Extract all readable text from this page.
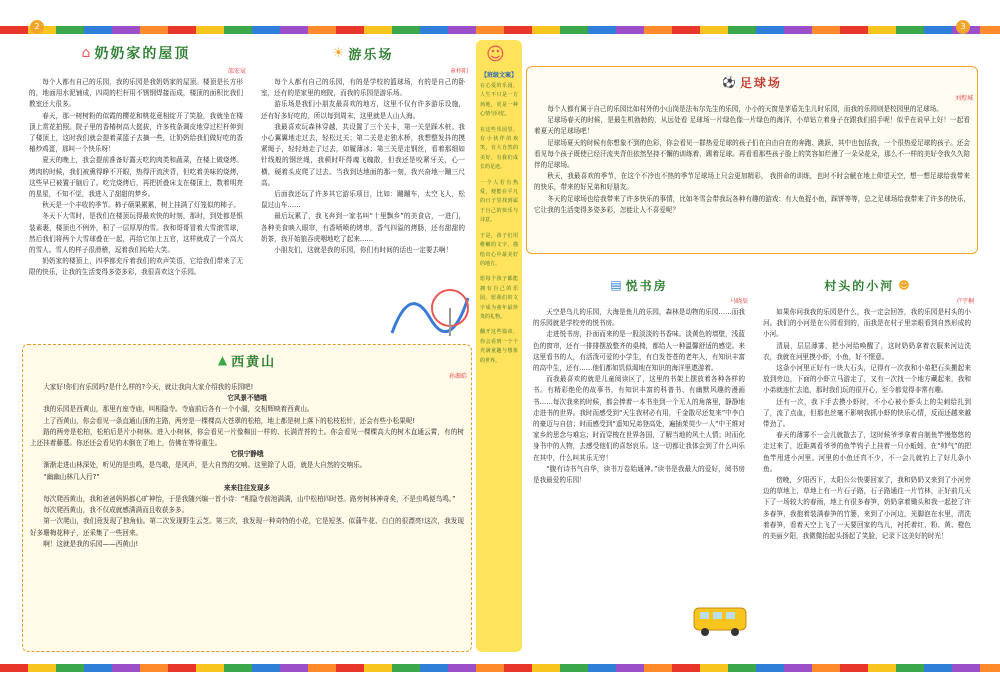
2	3
⌂ 奶奶家的屋顶
邵宏宸
每个人都有自己的乐园，我的乐园是我奶奶家的屋顶。楼顶是长方形的，地面用水泥铺成，四周的栏杆用不锈钢焊接而成，楼顶的面积比我们教室还大很多。
春天，那一树树粉的似霞的樱花和桃花竟相绽开了笑脸，我就坐在楼顶上赏花拍照。院子里的香椿树高大挺拔，许多枝条调皮地穿过栏杆伸到了楼顶上，这时我们就会提着菜篮子去摘一些，让奶奶给我们做好吃的香椿炒鸡蛋，那叫一个快乐呀！
夏天的晚上，我会提前准备好露天吃的肉类和蔬菜，在楼上做烧烤。烤肉的时候，我们被熏得睁不开眼，热得汗流浃背，但吃着美味的烧烤，这些早已被置于脑后了。吃完烧烤后，再把折叠床支在楼顶上，数着明亮的星星，不知不觉，我进入了甜甜的梦乡。
秋天是一个丰收的季节。柿子硕果累累，树上挂满了灯笼似的柿子。
冬天下大雪时，是我们在楼顶玩得最欢快的时刻，那时，到处都是银装素裹，楼顶也不例外，积了一层厚厚的雪。我和哥哥冒着大雪滚雪球，然后我们将两个大雪球叠在一起，再给它加上五官，这样就成了一个高大的雪人。雪人的样子很滑稽，逗着我们哈哈大笑。
奶奶家的楼顶上，四季都充斥着我们的欢声笑语，它给我们带来了无限的快乐，让我的生活变得多姿多彩，我很喜欢这个乐园。
☀ 游乐场
章梓阳
每个人都有自己的乐园，有的是学校的篮球场，有的是自己的卧室，还有的是家里的庭院，而我的乐园是游乐场。
游乐场是我们小朋友最喜欢的地方，这里不仅有许多游乐设施，还有好多好吃的，所以每到周末，这里就是人山人海。
我最喜欢玩森林穿越，共设置了三个关卡，第一关是踩木桩。我小心翼翼地走过去，轻松过关；第二关是走独木桥，我想整发抖的摸紧绳子，轻轻地走了过去，如履薄冰；第三关是走钢丝，看着那细如针线般的钢丝绳，我顿时吓得魂飞魄散，但我还是咬紧牙关，心一横，硬着头皮爬了过去。当我到达地面的那一刻，我兴奋地一蹦三尺高。
后面我还玩了许多其它游乐项目，比如：蹦蹦车，太空飞人，松鼠过山车……
最后玩累了，我飞奔到一家名叫“十里飘乡”的美食店，一进门，各种美食映入眼帘，有香喷喷的烤串，香气四溢的烤肠，还有甜甜的奶茶，我开始狼吞虎咽地吃了起来……
小朋友们，这就是我的乐园，你们有时间的话也一定要去啊！
▲ 西黄山
孙源皓
大家好!你们有乐园吗?是什么样的?今天，就让我向大家介绍我的乐园吧!
它风景不错哦
我的乐园是西黄山，那里有座寺庙，叫相隐寺。寺庙前后各有一个小湖，交相辉映着西黄山。
上了西黄山，你会看见一条直通山顶的主路，两旁是一棵棵高大苍翠的松柏，地上都是树上落下的松枝松针，还会有些小松果呢!
路的两旁是松柏，松柏后是片小树林。进入小树林，你会看见一片像棉田一样的、长满青苔的土。你会看见一棵棵高大的树木直通云霄，有的树上还挂着藤蔓。你还还会看见钓木倒在了地上，仿佛在等待重生。
它很宁静哦
渐渐走进山林深处，听见的是虫鸣，是鸟歌，是风声，是大自然的交响。这里除了人语，就是大自然的交响乐。
“幽幽山林几人行?”
来来往往发现多
每次爬西黄山，我和爸爸妈妈都心旷神怡，于是我随兴编一首小诗：“相隐寺前池满满，山中松柏四时苍。路旁树林神奇矣，不是虫鸣便鸟鸣。”
每次爬西黄山，我不仅成就感满满而且收获多多。
第一次爬山，我们竟发现了独角仙。第二次发现野生云芝。第三次，我发现一种奇特的小花，它是短茎、似蒲牛花、白白的很漂亮!这次，我发现好多珊梅花种子，还采集了一些回来。
啊！这就是我的乐园——西黄山!
☺
【班级文案】
在心爱的乐园，人生不只是一方场地，更是一种心情与回忆。
在这些乐园里，有小伙伴的欢笑，有大自然的美好，有我们成长的足迹。
一个人若有热爱，便能在平凡的日子里找到属于自己的快乐与诗意。
于是，孩子们用稚嫩的文字，描绘出心中最美好的地方。
愿每个孩子都能拥有自己的乐园，愿我们的文字成为童年最珍贵的礼物。
翻开这些篇章，你会看到一个个充满童趣与想象的世界。
⚽ 足球场
刘煜城
每个人都有属于自己的乐园比如村外的小山岗是法布尔先生的乐园，小小的天窗是茅盾先生儿时乐园，而我的乐园则是校园里的足球场。
足球场春天的时候，是最生机勃勃的，从远处看 足球场一片绿色像一片绿色的海洋，小草钻立着身子在跟我们招手呢！似乎在说早上好！一起看着夏天的足球场吧！
足球场夏天的时候有你想象不到的色彩，你会看见一群热爱足球的孩子们在自由自在的奔跑、跳跃，其中也包括我，一个很热爱足球的孩子。还会看见每个孩子既使已经汗流夹背但依然坚持不懈的训练着，踢着足球。再看看那些孩子脸上的笑容如烂漫了一朵朵花朵，那么不一样的美好令我久久陪伴的足球场。
秋天，我最喜欢的季节，在这个不冷也不热的季节足球场上只会更加精彩， 我拼命的训练，也时不时会觥在地上仰望天空，想一想足球给我带来的快乐，带来的好兄弟和好朋友。
冬天的足球场也给我带来了许多快乐的事情，比如冬雪会带我玩各种有趣的游戏：有大鱼捉小鱼，踩饼等等，总之足球场给我带来了许多的快乐，它让我的生活变得多姿多彩，怎能让人不喜爱呢？
▤ 悦书房
马晓辰
天空是鸟儿的乐园，大海是鱼儿的乐园，森林是动物的乐园……而我的乐园就是学校旁的悦书房。
走进悦书房，扑面而来的是一股淡淡的书香味。淡黄色的墙壁，浅蓝色的窗帘，还有一排排摆放整齐的桌椅，都给人一种温馨舒适的感觉。来这里看书的人，有活泼可爱的小学生，有白发苍苍的老年人，有知识丰富的高中生，还有……他们都如饥似渴地在知识的海洋里遨游着。
而我最喜欢的就是儿童阅读区了，这里的书架上摆放着各种各样的书。有精彩绝伦的故事书，有知识丰富的科普书、有幽默风趣的漫画书……每次我来的时候，都会捧着一本书坐到一个无人的角落里，静静地走进书的世界。我时而感受到“天生我材必有用，千金散尽还复来”中李白的豪迈与自信；时而感受到“遥知兄弟登高处，遍插茱萸少一人”中王维对家乡的思念与难忘；时而穿梭在世界各国，了解当地的风土人情；时而化身书中的人物，去感受他们的喜怒哀乐。这一切都让我体会到了什么叫乐在其中，什么叫其乐无穷！
“腹有诗书气自华，读书万卷始通神。”读书是我最大的爱好，阅书房是我最爱的乐园！
村头的小河 ☻
卢宇桐
如果你问我我的乐园是什么，我一定会回答，我的乐园是村头的小河。我们的小河是在公园看到的，而我是在村子里亲眼看到自然形成的小河。
清晨，层层薄雾，把小河给唤醒了，这时奶奶拿着衣服来河边洗衣，我就在河里摸小虾，小鱼，好不惬意。
这条小河里正好有一块大石头，记得有一次我和小弟把石头搬起来放到旁边，下面的小虾立马游走了，又有一次找一个地方藏起来，我和小弟就连忙去追，那时我们玩的很开心，至今都觉得非常有趣。
还有一次，我下手去摸小虾时，不小心被小虾头上的尖刺给扎到了，流了点血，但那也丝毫不影响我抓小虾的快乐心情，反而还越来越带劲了。
春天的薄雾不一会儿就散去了，这时候爷爷拿着自制鱼竿慢悠悠的走过来了，近距离看爷爷的鱼竿钩子上挂着一只小蚯蚓，在“帅气”的把鱼竿甩进小河里。河里的小鱼还真不少，不一会儿就钓上了好几条小鱼。
傍晚，夕阳西下，太阳公公快要回家了，我和奶奶又来到了小河旁边的草地上，草地上有一片石子路，石子路通往一片竹林，正好前几天下了一场较大的春雨，地上有很多春笋，奶奶拿着锄头和我一起挖了许多春笋，我抱着装满春笋的竹篓，来到了小河边，光脚泡在水里，清洗着春笋，看着天空上飞了一天要回家的鸟儿，衬托着红、粉、黄、橙色的美丽夕阳，我微微抬起头扬起了笑脸，记录下这美好的时光！
